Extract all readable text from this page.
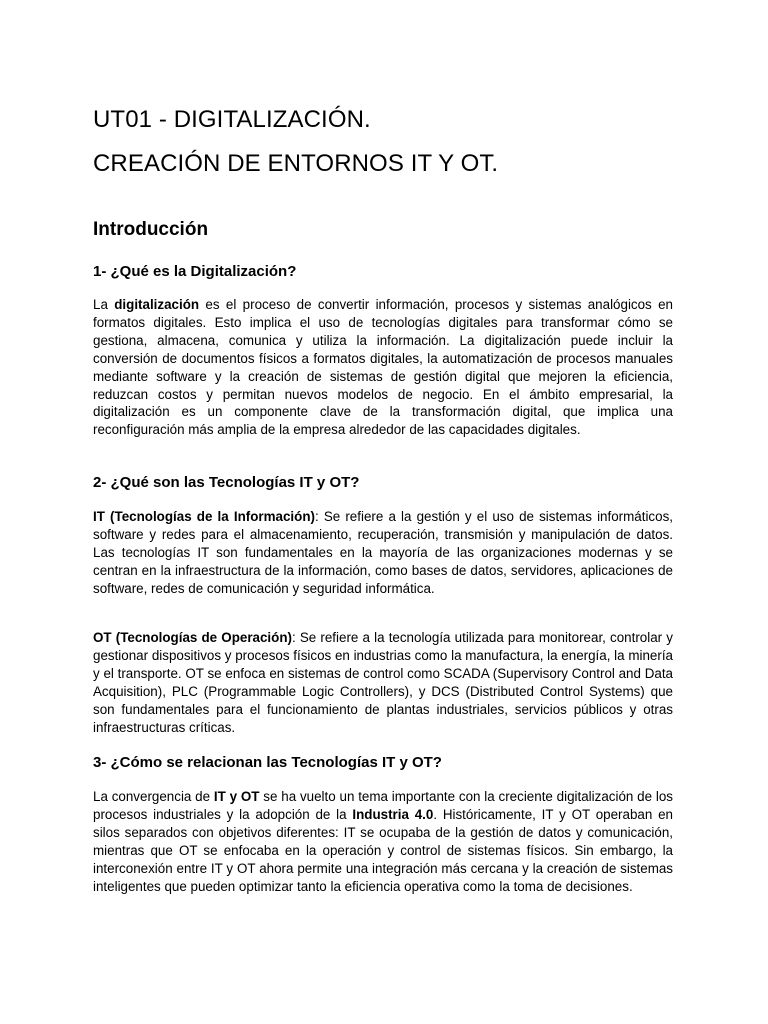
UT01 - DIGITALIZACIÓN.
CREACIÓN DE ENTORNOS IT Y OT.
Introducción
1- ¿Qué es la Digitalización?

La digitalización es el proceso de convertir información, procesos y sistemas analógicos en formatos digitales. Esto implica el uso de tecnologías digitales para transformar cómo se gestiona, almacena, comunica y utiliza la información. La digitalización puede incluir la conversión de documentos físicos a formatos digitales, la automatización de procesos manuales mediante software y la creación de sistemas de gestión digital que mejoren la eficiencia, reduzcan costos y permitan nuevos modelos de negocio. En el ámbito empresarial, la digitalización es un componente clave de la transformación digital, que implica una reconfiguración más amplia de la empresa alrededor de las capacidades digitales.

2- ¿Qué son las Tecnologías IT y OT?

IT (Tecnologías de la Información): Se refiere a la gestión y el uso de sistemas informáticos, software y redes para el almacenamiento, recuperación, transmisión y manipulación de datos. Las tecnologías IT son fundamentales en la mayoría de las organizaciones modernas y se centran en la infraestructura de la información, como bases de datos, servidores, aplicaciones de software, redes de comunicación y seguridad informática.

OT (Tecnologías de Operación): Se refiere a la tecnología utilizada para monitorear, controlar y gestionar dispositivos y procesos físicos en industrias como la manufactura, la energía, la minería y el transporte. OT se enfoca en sistemas de control como SCADA (Supervisory Control and Data Acquisition), PLC (Programmable Logic Controllers), y DCS (Distributed Control Systems) que son fundamentales para el funcionamiento de plantas industriales, servicios públicos y otras infraestructuras críticas.

3- ¿Cómo se relacionan las Tecnologías IT y OT?

La convergencia de IT y OT se ha vuelto un tema importante con la creciente digitalización de los procesos industriales y la adopción de la Industria 4.0. Históricamente, IT y OT operaban en silos separados con objetivos diferentes: IT se ocupaba de la gestión de datos y comunicación, mientras que OT se enfocaba en la operación y control de sistemas físicos. Sin embargo, la interconexión entre IT y OT ahora permite una integración más cercana y la creación de sistemas inteligentes que pueden optimizar tanto la eficiencia operativa como la toma de decisiones.
